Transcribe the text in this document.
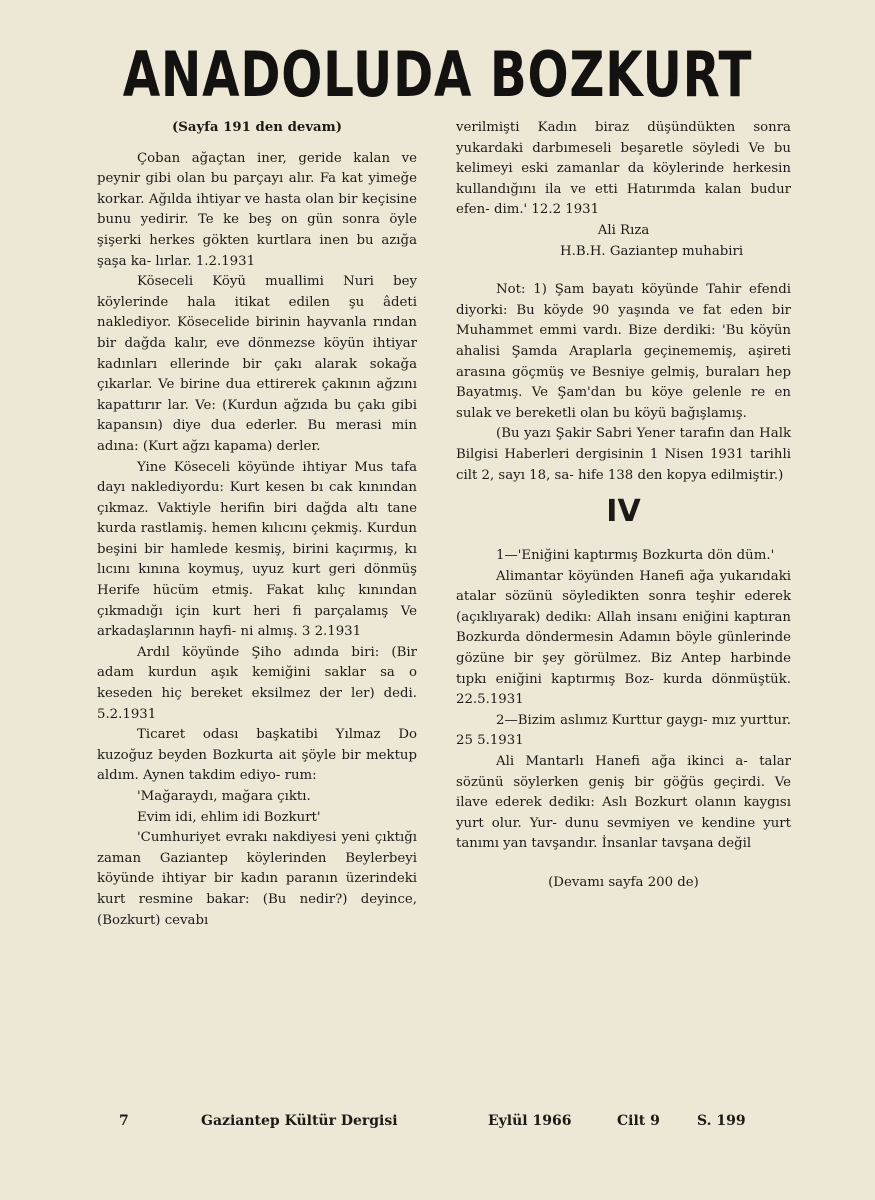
ANADOLUDA BOZKURT

(Sayfa 191 den devam)

Çoban ağaçtan iner, geride kalan ve peynir gibi olan bu parçayı alır. Fa kat yimeğe korkar. Ağılda ihtiyar ve hasta olan bir keçisine bunu yedirir. Te ke beş on gün sonra öyle şişerki herkes gökten kurtlara inen bu azığa şaşa ka- lırlar. 1.2.1931

Köseceli Köyü muallimi Nuri bey köylerinde hala itikat edilen şu âdeti naklediyor. Kösecelide birinin hayvanla rından bir dağda kalır, eve dönmezse köyün ihtiyar kadınları ellerinde bir çakı alarak sokağa çıkarlar. Ve birine dua ettirerek çakının ağzını kapattırır lar. Ve: (Kurdun ağzıda bu çakı gibi kapansın) diye dua ederler. Bu merasi min adına: (Kurt ağzı kapama) derler.

Yine Köseceli köyünde ihtiyar Mus tafa dayı naklediyordu: Kurt kesen bı cak kınından çıkmaz. Vaktiyle herifin biri dağda altı tane kurda rastlamiş. hemen kılıcını çekmiş. Kurdun beşini bir hamlede kesmiş, birini kaçırmış, kı lıcını kınına koymuş, uyuz kurt geri dönmüş Herife hücüm etmiş. Fakat kılıç kınından çıkmadığı için kurt heri fi parçalamış Ve arkadaşlarının hayfi- ni almış. 3 2.1931

Ardıl köyünde Şiho adında biri: (Bir adam kurdun aşık kemiğini saklar sa o keseden hiç bereket eksilmez der ler) dedi. 5.2.1931

Ticaret odası başkatibi Yılmaz Do kuzoğuz beyden Bozkurta ait şöyle bir mektup aldım. Aynen takdim ediyo- rum:

'Mağaraydı, mağara çıktı.

Evim idi, ehlim idi Bozkurt'

'Cumhuriyet evrakı nakdiyesi yeni çıktığı zaman Gaziantep köylerinden Beylerbeyi köyünde ihtiyar bir kadın paranın üzerindeki kurt resmine bakar: (Bu nedir?) deyince, (Bozkurt) cevabı

verilmişti Kadın biraz düşündükten sonra yukardaki darbımeseli beşaretle söyledi Ve bu kelimeyi eski zamanlar da köylerinde herkesin kullandığını ila ve etti Hatırımda kalan budur efen- dim.' 12.2 1931

Ali Rıza

H.B.H. Gaziantep muhabiri

Not: 1) Şam bayatı köyünde Tahir efendi diyorki: Bu köyde 90 yaşında ve fat eden bir Muhammet emmi vardı. Bize derdiki: 'Bu köyün ahalisi Şamda Araplarla geçinememiş, aşireti arasına göçmüş ve Besniye gelmiş, buraları hep Bayatmış. Ve Şam'dan bu köye gelenle re en sulak ve bereketli olan bu köyü bağışlamış.

(Bu yazı Şakir Sabri Yener tarafın dan Halk Bilgisi Haberleri dergisinin 1 Nisen 1931 tarihli cilt 2, sayı 18, sa- hife 138 den kopya edilmiştir.)

IV

1—'Eniğini kaptırmış Bozkurta dön düm.'

Alimantar köyünden Hanefi ağa yukarıdaki atalar sözünü söyledikten sonra teşhir ederek (açıklıyarak) dedikı: Allah insanı eniğini kaptıran Bozkurda döndermesin Adamın böyle günlerinde gözüne bir şey görülmez. Biz Antep harbinde tıpkı eniğini kaptırmış Boz- kurda dönmüştük. 22.5.1931

2—Bizim aslımız Kurttur gaygı- mız yurttur. 25 5.1931

Ali Mantarlı Hanefi ağa ikinci a- talar sözünü söylerken geniş bir göğüs geçirdi. Ve ilave ederek dedikı: Aslı Bozkurt olanın kaygısı yurt olur. Yur- dunu sevmiyen ve kendine yurt tanımı yan tavşandır. İnsanlar tavşana değil

(Devamı sayfa 200 de)

7	Gaziantep Kültür Dergisi	Eylül 1966	Cilt 9	S. 199
